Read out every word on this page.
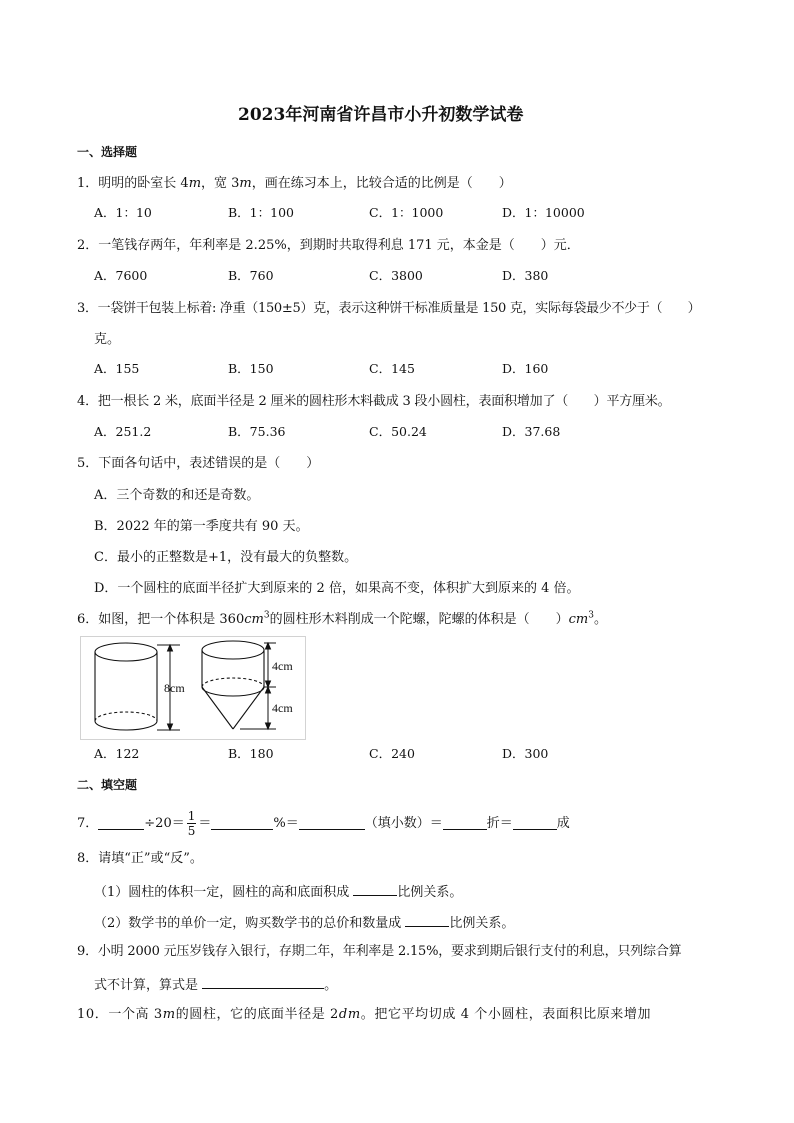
2023年河南省许昌市小升初数学试卷
一、选择题
1．明明的卧室长 4m，宽 3m，画在练习本上，比较合适的比例是（　　）
A．1：10	B．1：100	C．1：1000	D．1：10000
2．一笔钱存两年，年利率是 2.25%，到期时共取得利息 171 元，本金是（　　）元．
A．7600	B．760	C．3800	D．380
3．一袋饼干包装上标着: 净重（150±5）克，表示这种饼干标准质量是 150 克，实际每袋最少不少于（　　）
克。
A．155	B．150	C．145	D．160
4．把一根长 2 米，底面半径是 2 厘米的圆柱形木料截成 3 段小圆柱，表面积增加了（　　）平方厘米。
A．251.2	B．75.36	C．50.24	D．37.68
5．下面各句话中，表述错误的是（　　）
A．三个奇数的和还是奇数。
B．2022 年的第一季度共有 90 天。
C．最小的正整数是+1，没有最大的负整数。
D．一个圆柱的底面半径扩大到原来的 2 倍，如果高不变，体积扩大到原来的 4 倍。
6．如图，把一个体积是 $360cm^3$的圆柱形木料削成一个陀螺，陀螺的体积是（　　）$cm^3$。
8cm
4cm
4cm
A．122	B．180	C．240	D．300
二、填空题
7．	$\div 20= \frac{1}{5}$ ＝	%＝	（填小数）＝	折＝	成
8．请填“正”或“反”。
（1）圆柱的体积一定，圆柱的高和底面积成	比例关系。
（2）数学书的单价一定，购买数学书的总价和数量成	比例关系。
9．小明 2000 元压岁钱存入银行，存期二年，年利率是 2.15%，要求到期后银行支付的利息，只列综合算
式不计算，算式是	。
10．一个高 3m的圆柱，它的底面半径是 2dm。把它平均切成 4 个小圆柱，表面积比原来增加
